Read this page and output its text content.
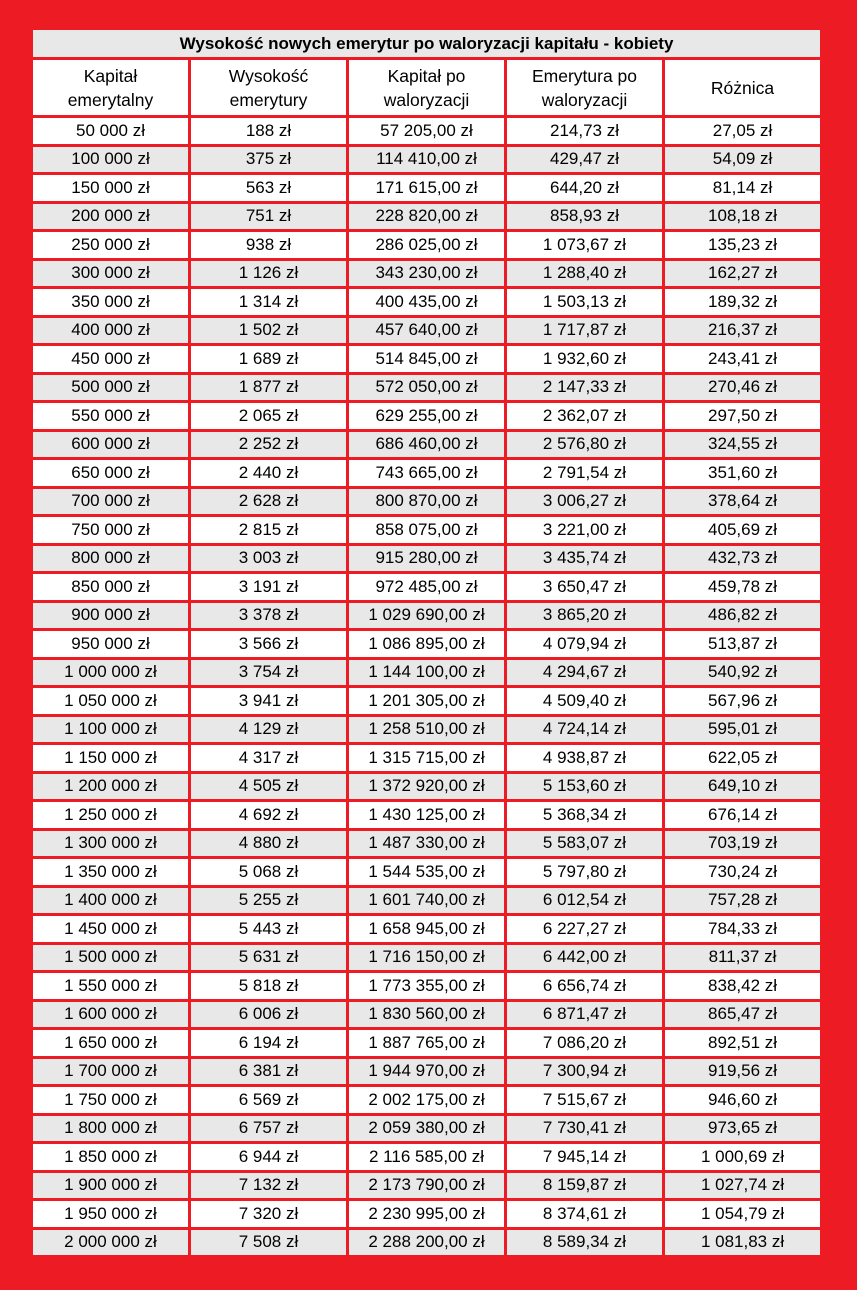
Wysokość nowych emerytur po waloryzacji kapitału - kobiety				
Kapitał emerytalny	Wysokość emerytury	Kapitał po waloryzacji	Emerytura po waloryzacji	Różnica
50 000 zł	188 zł	57 205,00 zł	214,73 zł	27,05 zł
100 000 zł	375 zł	114 410,00 zł	429,47 zł	54,09 zł
150 000 zł	563 zł	171 615,00 zł	644,20 zł	81,14 zł
200 000 zł	751 zł	228 820,00 zł	858,93 zł	108,18 zł
250 000 zł	938 zł	286 025,00 zł	1 073,67 zł	135,23 zł
300 000 zł	1 126 zł	343 230,00 zł	1 288,40 zł	162,27 zł
350 000 zł	1 314 zł	400 435,00 zł	1 503,13 zł	189,32 zł
400 000 zł	1 502 zł	457 640,00 zł	1 717,87 zł	216,37 zł
450 000 zł	1 689 zł	514 845,00 zł	1 932,60 zł	243,41 zł
500 000 zł	1 877 zł	572 050,00 zł	2 147,33 zł	270,46 zł
550 000 zł	2 065 zł	629 255,00 zł	2 362,07 zł	297,50 zł
600 000 zł	2 252 zł	686 460,00 zł	2 576,80 zł	324,55 zł
650 000 zł	2 440 zł	743 665,00 zł	2 791,54 zł	351,60 zł
700 000 zł	2 628 zł	800 870,00 zł	3 006,27 zł	378,64 zł
750 000 zł	2 815 zł	858 075,00 zł	3 221,00 zł	405,69 zł
800 000 zł	3 003 zł	915 280,00 zł	3 435,74 zł	432,73 zł
850 000 zł	3 191 zł	972 485,00 zł	3 650,47 zł	459,78 zł
900 000 zł	3 378 zł	1 029 690,00 zł	3 865,20 zł	486,82 zł
950 000 zł	3 566 zł	1 086 895,00 zł	4 079,94 zł	513,87 zł
1 000 000 zł	3 754 zł	1 144 100,00 zł	4 294,67 zł	540,92 zł
1 050 000 zł	3 941 zł	1 201 305,00 zł	4 509,40 zł	567,96 zł
1 100 000 zł	4 129 zł	1 258 510,00 zł	4 724,14 zł	595,01 zł
1 150 000 zł	4 317 zł	1 315 715,00 zł	4 938,87 zł	622,05 zł
1 200 000 zł	4 505 zł	1 372 920,00 zł	5 153,60 zł	649,10 zł
1 250 000 zł	4 692 zł	1 430 125,00 zł	5 368,34 zł	676,14 zł
1 300 000 zł	4 880 zł	1 487 330,00 zł	5 583,07 zł	703,19 zł
1 350 000 zł	5 068 zł	1 544 535,00 zł	5 797,80 zł	730,24 zł
1 400 000 zł	5 255 zł	1 601 740,00 zł	6 012,54 zł	757,28 zł
1 450 000 zł	5 443 zł	1 658 945,00 zł	6 227,27 zł	784,33 zł
1 500 000 zł	5 631 zł	1 716 150,00 zł	6 442,00 zł	811,37 zł
1 550 000 zł	5 818 zł	1 773 355,00 zł	6 656,74 zł	838,42 zł
1 600 000 zł	6 006 zł	1 830 560,00 zł	6 871,47 zł	865,47 zł
1 650 000 zł	6 194 zł	1 887 765,00 zł	7 086,20 zł	892,51 zł
1 700 000 zł	6 381 zł	1 944 970,00 zł	7 300,94 zł	919,56 zł
1 750 000 zł	6 569 zł	2 002 175,00 zł	7 515,67 zł	946,60 zł
1 800 000 zł	6 757 zł	2 059 380,00 zł	7 730,41 zł	973,65 zł
1 850 000 zł	6 944 zł	2 116 585,00 zł	7 945,14 zł	1 000,69 zł
1 900 000 zł	7 132 zł	2 173 790,00 zł	8 159,87 zł	1 027,74 zł
1 950 000 zł	7 320 zł	2 230 995,00 zł	8 374,61 zł	1 054,79 zł
2 000 000 zł	7 508 zł	2 288 200,00 zł	8 589,34 zł	1 081,83 zł
